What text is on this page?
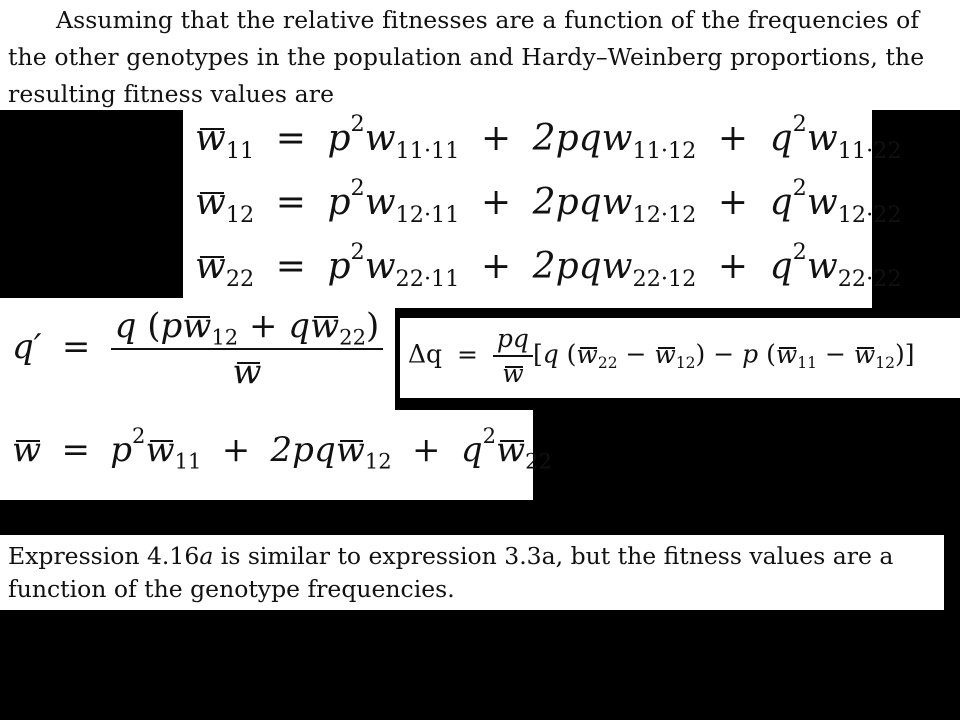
Assuming that the relative fitnesses are a function of the frequencies of the other genotypes in the population and Hardy–Weinberg proportions, the resulting fitness values are

$w_{11} = p^2w_{11\cdot 11} + 2pqw_{11\cdot 12} + q^2w_{11\cdot 22}$
$w_{12} = p^2w_{12\cdot 11} + 2pqw_{12\cdot 12} + q^2w_{12\cdot 22}$
$w_{22} = p^2w_{22\cdot 11} + 2pqw_{22\cdot 12} + q^2w_{22\cdot 22}$
$q' = \frac{q (pw_{12} + qw_{22})}{w}$ $\Delta q = \frac{pq}{w} [q$ $(w_{22} - w_{12}) - p$ $(w_{11} - w_{12})$]
$w = p^2w_{11} + 2pqw_{12} + q^2w_{22}$

Expression 4.16a is similar to expression 3.3a, but the fitness values are a function of the genotype frequencies.
